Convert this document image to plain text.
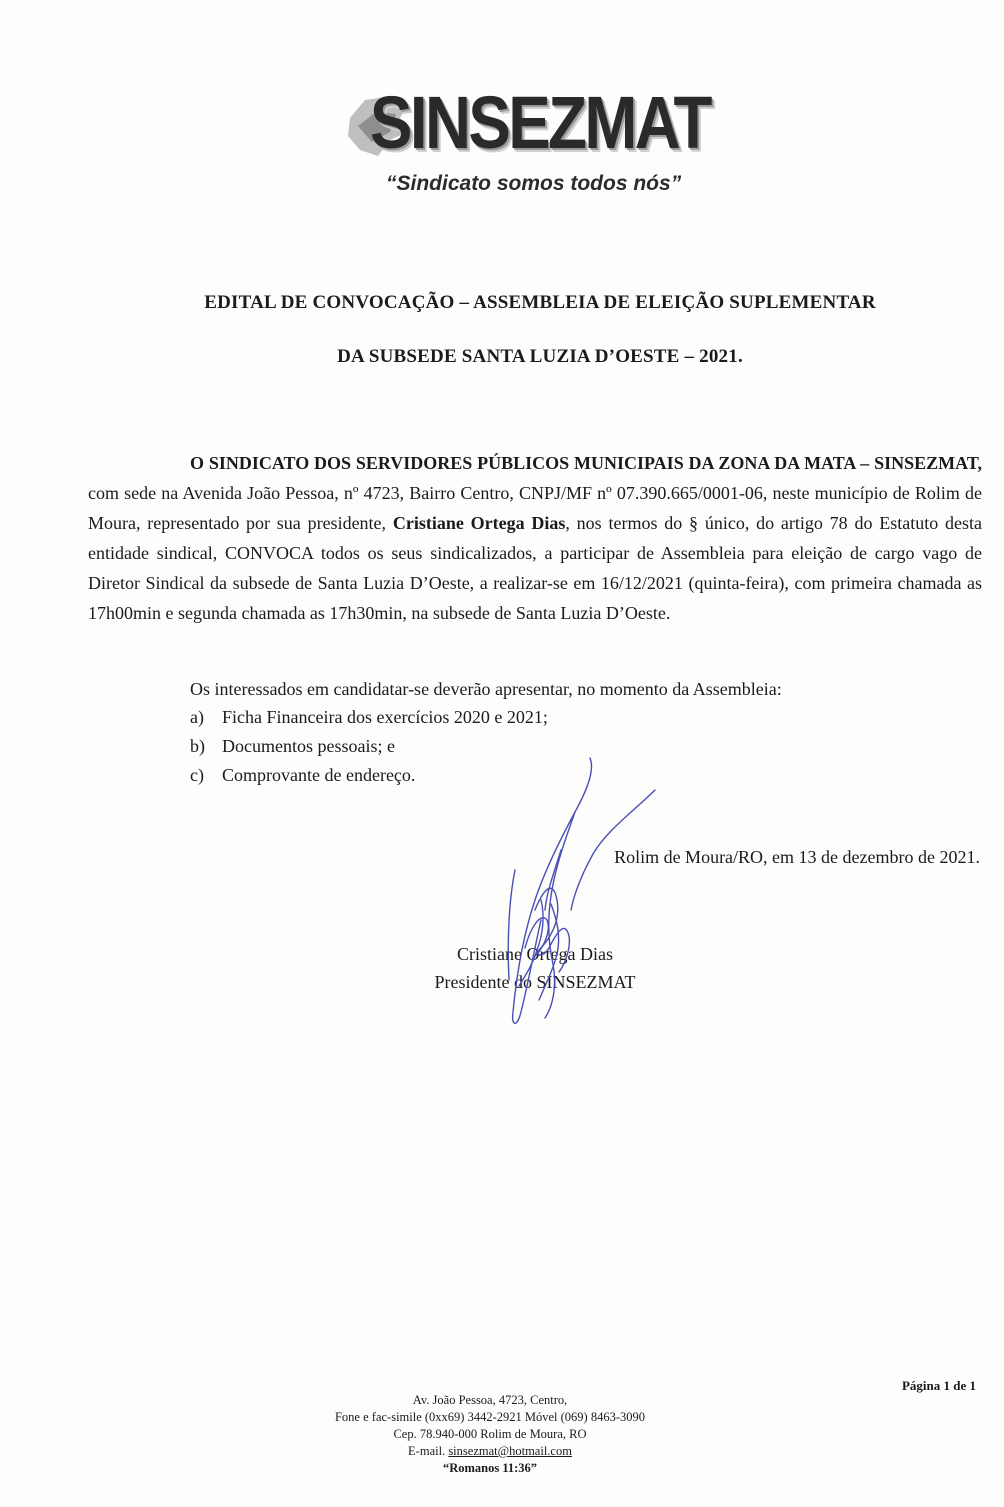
SINSEZMAT
“Sindicato somos todos nós”
EDITAL DE CONVOCAÇÃO – ASSEMBLEIA DE ELEIÇÃO SUPLEMENTAR
DA SUBSEDE SANTA LUZIA D’OESTE – 2021.

O SINDICATO DOS SERVIDORES PÚBLICOS MUNICIPAIS DA ZONA DA MATA – SINSEZMAT, com sede na Avenida João Pessoa, nº 4723, Bairro Centro, CNPJ/MF nº 07.390.665/0001-06, neste município de Rolim de Moura, representado por sua presidente, Cristiane Ortega Dias, nos termos do § único, do artigo 78 do Estatuto desta entidade sindical, CONVOCA todos os seus sindicalizados, a participar de Assembleia para eleição de cargo vago de Diretor Sindical da subsede de Santa Luzia D’Oeste, a realizar-se em 16/12/2021 (quinta-feira), com primeira chamada as 17h00min e segunda chamada as 17h30min, na subsede de Santa Luzia D’Oeste.

Os interessados em candidatar-se deverão apresentar, no momento da Assembleia:
a) Ficha Financeira dos exercícios 2020 e 2021;
b) Documentos pessoais; e
c) Comprovante de endereço.
Rolim de Moura/RO, em 13 de dezembro de 2021.
Cristiane Ortega Dias
Presidente do SINSEZMAT
Página 1 de 1
Av. João Pessoa, 4723, Centro,
Fone e fac-simile (0xx69) 3442-2921 Móvel (069) 8463-3090
Cep. 78.940-000 Rolim de Moura, RO
E-mail. sinsezmat@hotmail.com
“Romanos 11:36”
